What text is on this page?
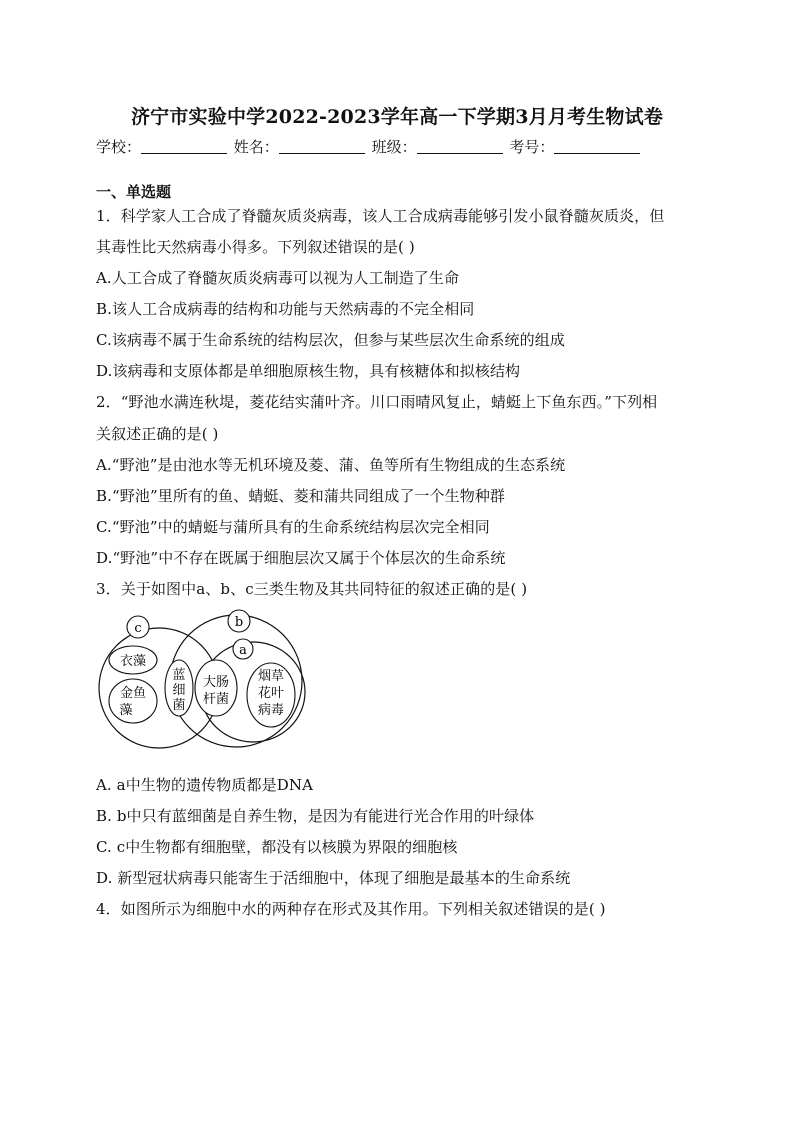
济宁市实验中学2022-2023学年高一下学期3月月考生物试卷
学校：	姓名：	班级：	考号：
一、单选题
1．科学家人工合成了脊髓灰质炎病毒，该人工合成病毒能够引发小鼠脊髓灰质炎，但
其毒性比天然病毒小得多。下列叙述错误的是( )
A.人工合成了脊髓灰质炎病毒可以视为人工制造了生命
B.该人工合成病毒的结构和功能与天然病毒的不完全相同
C.该病毒不属于生命系统的结构层次，但参与某些层次生命系统的组成
D.该病毒和支原体都是单细胞原核生物，具有核糖体和拟核结构
2．“野池水满连秋堤，菱花结实蒲叶齐。川口雨晴风复止，蜻蜓上下鱼东西。”下列相
关叙述正确的是( )
A.“野池”是由池水等无机环境及菱、蒲、鱼等所有生物组成的生态系统
B.“野池”里所有的鱼、蜻蜓、菱和蒲共同组成了一个生物种群
C.“野池”中的蜻蜓与蒲所具有的生命系统结构层次完全相同
D.“野池”中不存在既属于细胞层次又属于个体层次的生命系统
3．关于如图中a、b、c三类生物及其共同特征的叙述正确的是( )
c	b
a
衣藻
金鱼
藻
蓝
细
菌
大肠
杆菌
烟草
花叶
病毒
A. a中生物的遗传物质都是DNA
B. b中只有蓝细菌是自养生物，是因为有能进行光合作用的叶绿体
C. c中生物都有细胞壁，都没有以核膜为界限的细胞核
D. 新型冠状病毒只能寄生于活细胞中，体现了细胞是最基本的生命系统
4．如图所示为细胞中水的两种存在形式及其作用。下列相关叙述错误的是( )
